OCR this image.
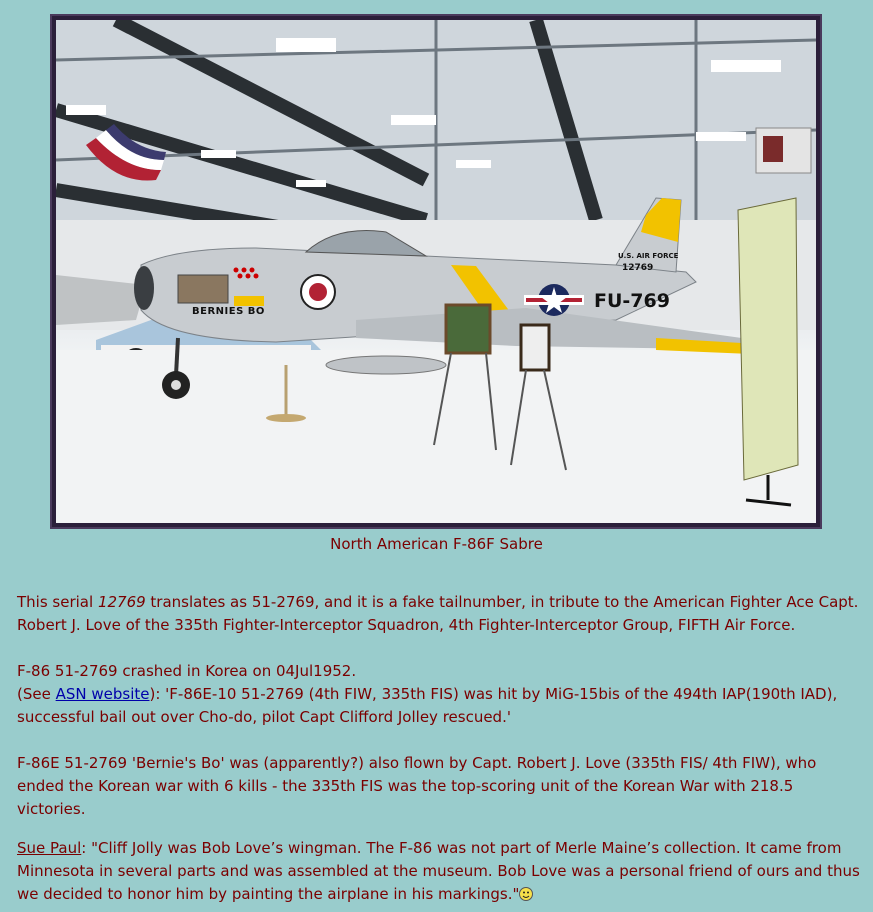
BERNIES BO
U.S. AIR FORCE
12769
FU-769
North American F-86F Sabre
This serial 12769 translates as 51-2769, and it is a fake tailnumber, in tribute to the American Fighter Ace Capt. Robert J. Love of the 335th Fighter-Interceptor Squadron, 4th Fighter-Interceptor Group, FIFTH Air Force.
F-86 51-2769 crashed in Korea on 04Jul1952.
(See ASN website): 'F-86E-10 51-2769 (4th FIW, 335th FIS) was hit by MiG-15bis of the 494th IAP(190th IAD), successful bail out over Cho-do, pilot Capt Clifford Jolley rescued.'
F-86E 51-2769 'Bernie's Bo' was (apparently?) also flown by Capt. Robert J. Love (335th FIS/ 4th FIW), who ended the Korean war with 6 kills - the 335th FIS was the top-scoring unit of the Korean War with 218.5 victories.
Sue Paul: "Cliff Jolly was Bob Love’s wingman. The F-86 was not part of Merle Maine’s collection. It came from Minnesota in several parts and was assembled at the museum. Bob Love was a personal friend of ours and thus we decided to honor him by painting the airplane in his markings."
